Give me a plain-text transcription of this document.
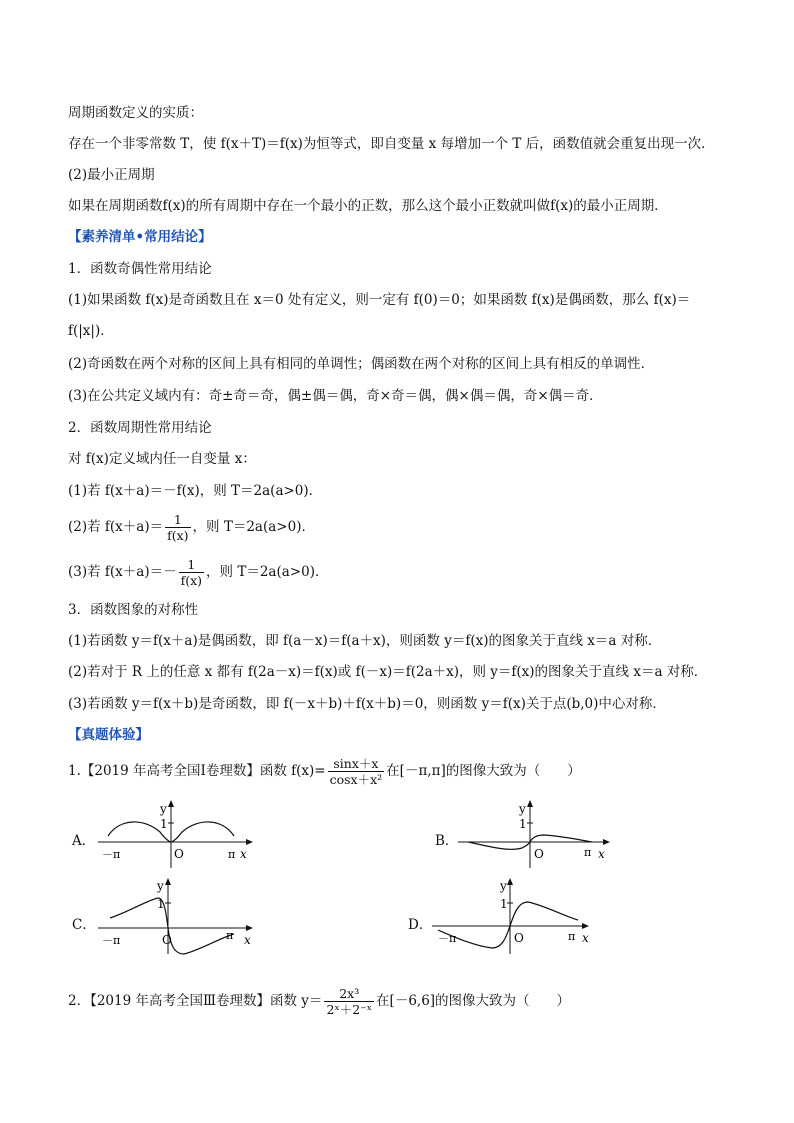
周期函数定义的实质：
存在一个非零常数 T，使 f(x＋T)＝f(x)为恒等式，即自变量 x 每增加一个 T 后，函数值就会重复出现一次．
(2)最小正周期
如果在周期函数f(x)的所有周期中存在一个最小的正数，那么这个最小正数就叫做f(x)的最小正周期．
【素养清单•常用结论】
1．函数奇偶性常用结论
(1)如果函数 f(x)是奇函数且在 x＝0 处有定义，则一定有 f(0)＝0；如果函数 f(x)是偶函数，那么 f(x)＝
f(|x|)．
(2)奇函数在两个对称的区间上具有相同的单调性；偶函数在两个对称的区间上具有相反的单调性．
(3)在公共定义域内有：奇±奇＝奇，偶±偶＝偶，奇×奇＝偶，偶×偶＝偶，奇×偶＝奇．
2．函数周期性常用结论
对 f(x)定义域内任一自变量 x：
(1)若 f(x＋a)＝－f(x)，则 T＝2a(a>0)．
(2)若 $f(x+a)= \frac{1}{f(x)}$ ，则 T＝2a(a>0)．
(3)若 $f(x+a)=- \frac{1}{f(x)}$ ，则 T＝2a(a>0)．
3．函数图象的对称性
(1)若函数 y＝f(x＋a)是偶函数，即 f(a－x)＝f(a＋x)，则函数 y＝f(x)的图象关于直线 x＝a 对称．
(2)若对于 R 上的任意 x 都有 f(2a－x)＝f(x)或 f(－x)＝f(2a＋x)，则 y＝f(x)的图象关于直线 x＝a 对称．
(3)若函数 y＝f(x＋b)是奇函数，即 f(－x＋b)＋f(x＋b)＝0，则函数 y＝f(x)关于点(b,0)中心对称．
【真题体验】
1.【2019 年高考全国Ⅰ卷理数】函数 $f(x)= \frac{\sin x+x}{\text{cosx＋x²}}$ 在[－π,π]的图像大致为（　　）
A．	B．
C．	D．
y
1
O
－π	π x
y
1
O	π x
y
1
O
－π	π x
y
1
O
－π	π x
2．【2019 年高考全国Ⅲ卷理数】函数 $y= \frac{\text{2x³}}{\text{2ˣ＋2⁻ˣ}}$ 在[－6,6]的图像大致为（　　）
